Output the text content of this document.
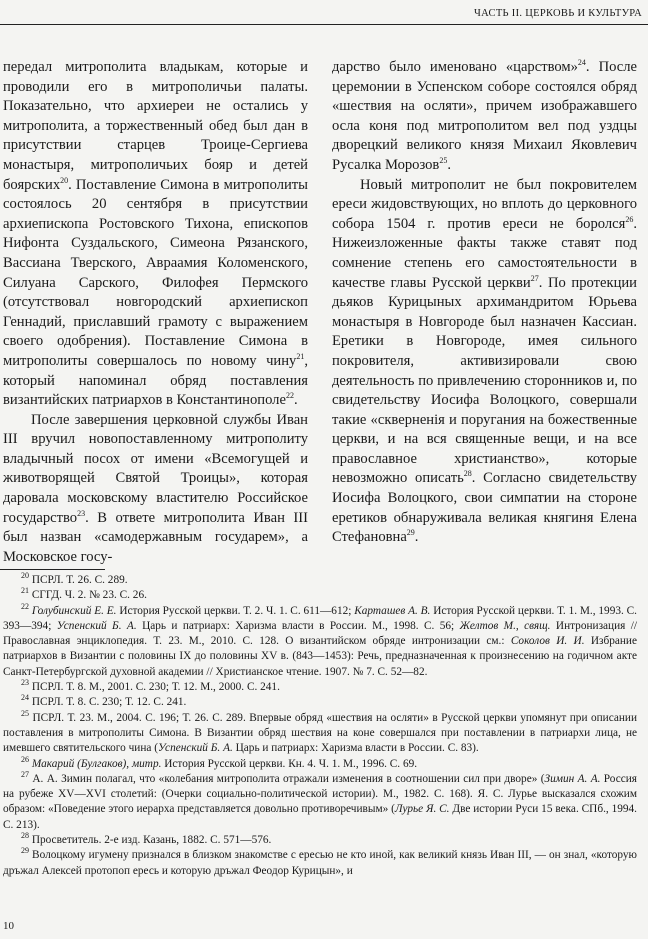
ЧАСТЬ II. ЦЕРКОВЬ И КУЛЬТУРА

передал митрополита владыкам, которые и проводили его в митрополичьи палаты. Показательно, что архиереи не остались у митрополита, а торжественный обед был дан в присутствии старцев Троице-Сергиева монастыря, митрополичьих бояр и детей боярских$^{20}$. Поставление Симона в митрополиты состоялось 20 сентября в присутствии архиепископа Ростовского Тихона, епископов Нифонта Суздальского, Симеона Рязанского, Вассиана Тверского, Авраамия Коломенского, Силуана Сарского, Филофея Пермского (отсутствовал новгородский архиепископ Геннадий, приславший грамоту с выражением своего одобрения). Поставление Симона в митрополиты совершалось по новому чину$^{21}$, который напоминал обряд поставления византийских патриархов в Константинополе$^{22}$.

После завершения церковной службы Иван III вручил новопоставленному митрополиту владычный посох от имени «Всемогущей и животворящей Святой Троицы», которая даровала московскому властителю Российское государство$^{23}$. В ответе митрополита Иван III был назван «самодержавным государем», а Московское госу-

дарство было именовано «царством»$^{24}$. После церемонии в Успенском соборе состоялся обряд «шествия на осляти», причем изображавшего осла коня под митрополитом вел под уздцы дворецкий великого князя Михаил Яковлевич Русалка Морозов$^{25}$.

Новый митрополит не был покровителем ереси жидовствующих, но вплоть до церковного собора 1504 г. против ереси не боролся$^{26}$. Нижеизложенные факты также ставят под сомнение степень его самостоятельности в качестве главы Русской церкви$^{27}$. По протекции дьяков Курицыных архимандритом Юрьева монастыря в Новгороде был назначен Кассиан. Еретики в Новгороде, имея сильного покровителя, активизировали свою деятельность по привлечению сторонников и, по свидетельству Иосифа Волоцкого, совершали такие «скверненія и поругания на божественные церкви, и на вся священные вещи, и на все православное христианство», которые невозможно описать$^{28}$. Согласно свидетельству Иосифа Волоцкого, свои симпатии на стороне еретиков обнаруживала великая княгиня Елена Стефановна$^{29}$.

$^{20}$ ПСРЛ. Т. 26. С. 289.

$^{21}$ СГГД. Ч. 2. № 23. С. 26.

$^{22}$ Голубинский Е. Е. История Русской церкви. Т. 2. Ч. 1. С. 611—612; Карташев А. В. История Русской церкви. Т. 1. М., 1993. С. 393—394; Успенский Б. А. Царь и патриарх: Харизма власти в России. М., 1998. С. 56; Желтов М., свящ. Интронизация // Православная энциклопедия. Т. 23. М., 2010. С. 128. О византийском обряде интронизации см.: Соколов И. И. Избрание патриархов в Византии с половины IX до половины XV в. (843—1453): Речь, предназначенная к произнесению на годичном акте Санкт-Петербургской духовной академии // Христианское чтение. 1907. № 7. С. 52—82.

$^{23}$ ПСРЛ. Т. 8. М., 2001. С. 230; Т. 12. М., 2000. С. 241.

$^{24}$ ПСРЛ. Т. 8. С. 230; Т. 12. С. 241.

$^{25}$ ПСРЛ. Т. 23. М., 2004. С. 196; Т. 26. С. 289. Впервые обряд «шествия на осляти» в Русской церкви упомянут при описании поставления в митрополиты Симона. В Византии обряд шествия на коне совершался при поставлении в патриархи лица, не имевшего святительского чина (Успенский Б. А. Царь и патриарх: Харизма власти в России. С. 83).

$^{26}$ Макарий (Булгаков), митр. История Русской церкви. Кн. 4. Ч. 1. М., 1996. С. 69.

$^{27}$ А. А. Зимин полагал, что «колебания митрополита отражали изменения в соотношении сил при дворе» (Зимин А. А. Россия на рубеже XV—XVI столетий: (Очерки социально-политической истории). М., 1982. С. 168). Я. С. Лурье высказался схожим образом: «Поведение этого иерарха представляется довольно противоречивым» (Лурье Я. С. Две истории Руси 15 века. СПб., 1994. С. 213).

$^{28}$ Просветитель. 2-е изд. Казань, 1882. С. 571—576.

$^{29}$ Волоцкому игумену признался в близком знакомстве с ересью не кто иной, как великий князь Иван III, — он знал, «которую дръжал Алексей протопоп ересь и которую дръжал Феодор Курицын», и

10
